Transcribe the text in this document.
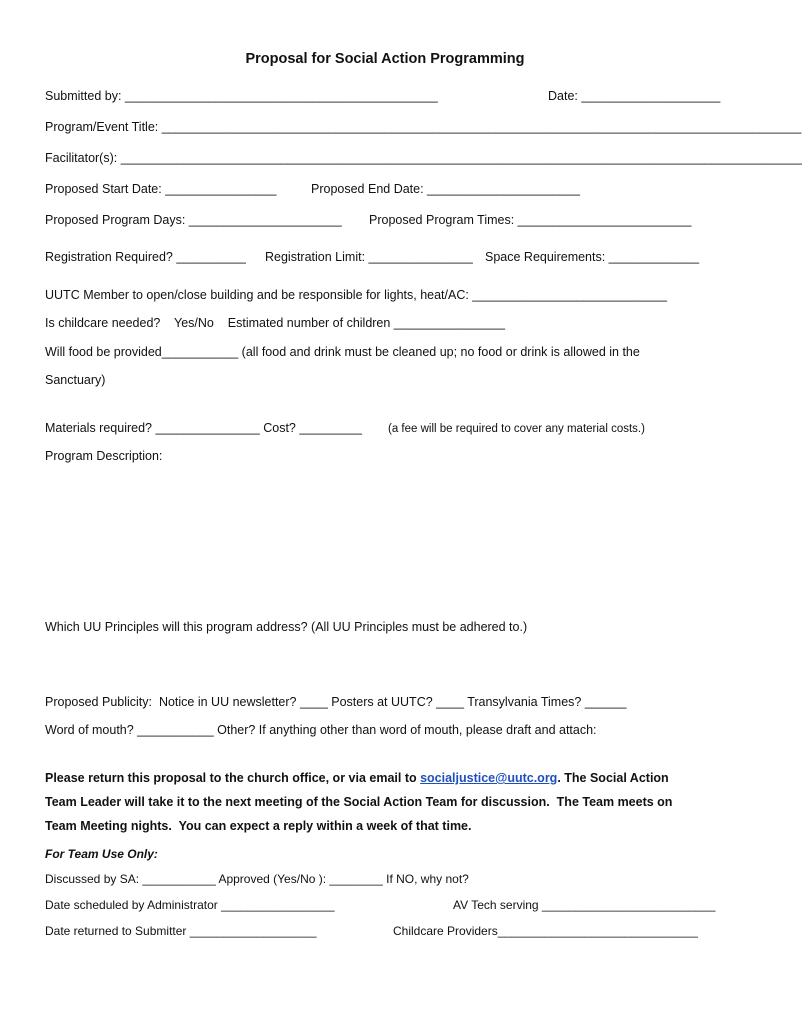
Proposal for Social Action Programming
Submitted by: _____________________________________________	Date: ____________________
Program/Event Title: ____________________________________________________________________________________________
Facilitator(s): __________________________________________________________________________________________________
Proposed Start Date: ________________	Proposed End Date: ______________________
Proposed Program Days: ______________________ Proposed Program Times: _________________________
Registration Required? __________ Registration Limit: _______________ Space Requirements: _____________
UUTC Member to open/close building and be responsible for lights, heat/AC: ____________________________
Is childcare needed?    Yes/No    Estimated number of children ________________
Will food be provided___________ (all food and drink must be cleaned up; no food or drink is allowed in the
Sanctuary)
Materials required? _______________ Cost? _________ (a fee will be required to cover any material costs.)
Program Description:
Which UU Principles will this program address? (All UU Principles must be adhered to.)
Proposed Publicity:  Notice in UU newsletter? ____ Posters at UUTC? ____ Transylvania Times? ______
Word of mouth? ___________ Other? If anything other than word of mouth, please draft and attach:
Please return this proposal to the church office, or via email to socialjustice@uutc.org. The Social Action
Team Leader will take it to the next meeting of the Social Action Team for discussion.  The Team meets on
Team Meeting nights.  You can expect a reply within a week of that time.
For Team Use Only:
Discussed by SA: ___________ Approved (Yes/No ): ________ If NO, why not?
Date scheduled by Administrator _________________	AV Tech serving __________________________
Date returned to Submitter ___________________	Childcare Providers______________________________
